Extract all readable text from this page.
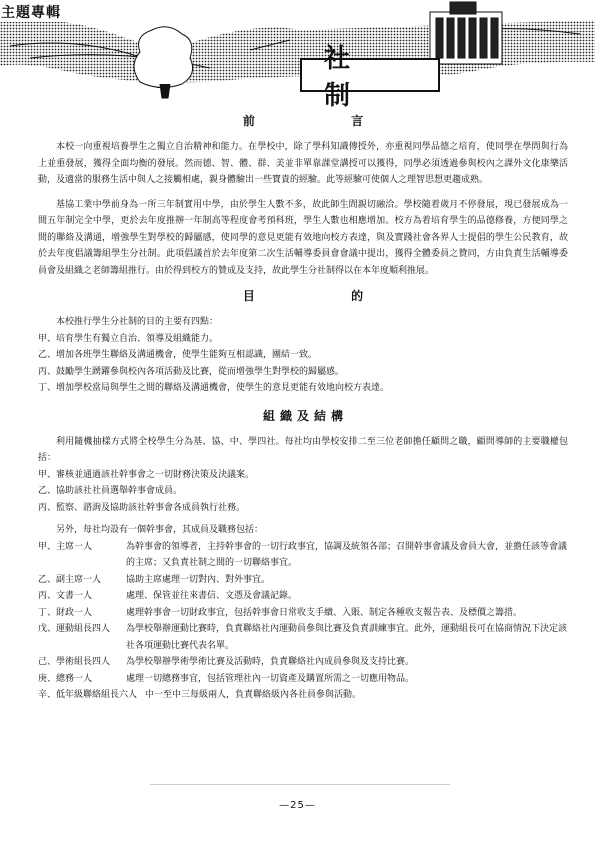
主題專輯
社 制
前 言

本校一向重視培養學生之獨立自治精神和能力。在學校中，除了學科知識傳授外，亦重視同學品德之培育，使同學在學問與行為上並重發展，獲得全面均衡的發展。然而德、智、體、群、美並非單靠課堂講授可以獲得，同學必須透過參與校內之課外文化康樂活動，及適當的服務生活中與人之接觸相處，親身體驗出一些寶貴的經驗。此等經驗可使個人之理智思想更趨成熟。

基協工業中學前身為一所三年制實用中學，由於學生人數不多，故此師生間親切融洽。學校隨着歲月不停發展，現已發展成為一間五年制完全中學，更於去年度推辦一年制高等程度會考預科班，學生人數也相應增加。校方為着培育學生的品德修養，方便同學之間的聯絡及溝通，增強學生對學校的歸屬感，使同學的意見更能有效地向校方表達，與及實踐社會各界人士提倡的學生公民教育，故於去年度倡議籌組學生分社制。此項倡議首於去年度第二次生活輔導委員會會議中提出，獲得全體委員之贊同，方由負責生活輔導委員會及組織之老師籌組推行。由於得到校方的贊成及支持，故此學生分社制得以在本年度順利推展。

目 的

本校推行學生分社制的目的主要有四點：

甲、培育學生有獨立自治、領導及組織能力。

乙、增加各班學生聯絡及溝通機會，使學生能夠互相認識，團結一致。

丙、鼓勵學生踴躍參與校內各項活動及比賽，從而增強學生對學校的歸屬感。

丁、增加學校當局與學生之間的聯絡及溝通機會，使學生的意見更能有效地向校方表達。

組織及結構

利用隨機抽樣方式將全校學生分為基、協、中、學四社。每社均由學校安排二至三位老師擔任顧問之職，顧問導師的主要職權包括：

甲、審核並通過該社幹事會之一切財務決策及決議案。

乙、協助該社社員選舉幹事會成員。

丙、監察、諮詢及協助該社幹事會各成員執行社務。

另外，每社均設有一個幹事會，其成員及職務包括：

甲、主席一人	為幹事會的領導者，主持幹事會的一切行政事宜，協調及統領各部；召開幹事會議及會員大會，並擔任該等會議的主席；又負責社制之間的一切聯絡事宜。
乙、副主席一人	協助主席處理一切對內、對外事宜。
丙、文書一人	處理、保管並往來書信、文憑及會議記錄。
丁、財政一人	處理幹事會一切財政事宜，包括幹事會日常收支手續、入賬、制定各種收支報告表、及標價之籌措。
戊、運動組長四人	為學校舉辦運動比賽時，負責聯絡社內運動員參與比賽及負責訓練事宜。此外，運動組長可在協商情況下決定該社各項運動比賽代表名單。
己、學術組長四人	為學校舉辦學術學術比賽及活動時，負責聯絡社內成員參與及支持比賽。
庚、總務一人	處理一切總務事宜，包括管理社內一切資產及購置所需之一切應用物品。
辛、低年級聯絡組長六人 中一至中三每級兩人，負責聯絡級內各社員參與活動。
—25—
